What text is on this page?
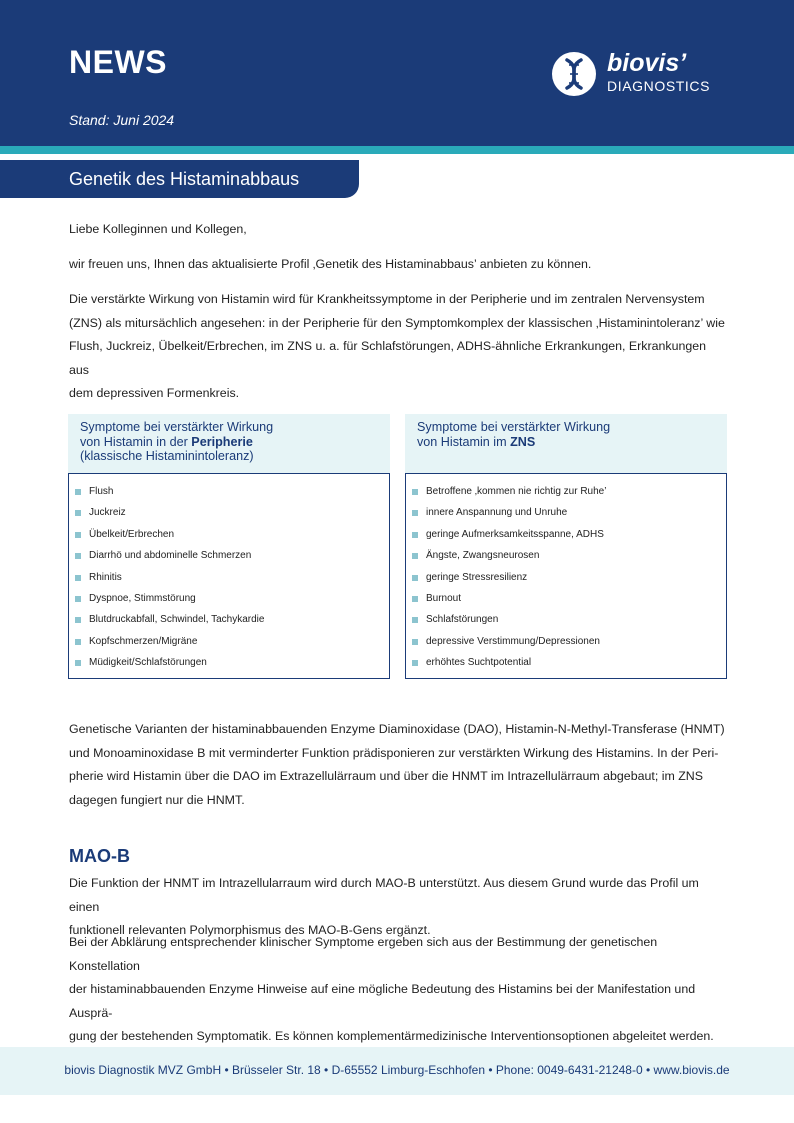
NEWS
Stand: Juni 2024
biovis’
DIAGNOSTICS
Genetik des Histaminabbaus
Liebe Kolleginnen und Kollegen,
wir freuen uns, Ihnen das aktualisierte Profil ‚Genetik des Histaminabbaus’ anbieten zu können.
Die verstärkte Wirkung von Histamin wird für Krankheitssymptome in der Peripherie und im zentralen Nervensystem
(ZNS) als mitursächlich angesehen: in der Peripherie für den Symptomkomplex der klassischen ‚Histaminintoleranz’ wie
Flush, Juckreiz, Übelkeit/Erbrechen, im ZNS u. a. für Schlafstörungen, ADHS-ähnliche Erkrankungen, Erkrankungen aus
dem depressiven Formenkreis.
Symptome bei verstärkter Wirkung
von Histamin in der Peripherie
(klassische Histaminintoleranz)
Flush
Juckreiz
Übelkeit/Erbrechen
Diarrhö und abdominelle Schmerzen
Rhinitis
Dyspnoe, Stimmstörung
Blutdruckabfall, Schwindel, Tachykardie
Kopfschmerzen/Migräne
Müdigkeit/Schlafstörungen
Symptome bei verstärkter Wirkung
von Histamin im ZNS
Betroffene ‚kommen nie richtig zur Ruhe’
innere Anspannung und Unruhe
geringe Aufmerksamkeitsspanne, ADHS
Ängste, Zwangsneurosen
geringe Stressresilienz
Burnout
Schlafstörungen
depressive Verstimmung/Depressionen
erhöhtes Suchtpotential
Genetische Varianten der histaminabbauenden Enzyme Diaminoxidase (DAO), Histamin-N-Methyl-Transferase (HNMT)
und Monoaminoxidase B mit verminderter Funktion prädisponieren zur verstärkten Wirkung des Histamins. In der Peri-
pherie wird Histamin über die DAO im Extrazellulärraum und über die HNMT im Intrazellulärraum abgebaut; im ZNS
dagegen fungiert nur die HNMT.
MAO-B
Die Funktion der HNMT im Intrazellularraum wird durch MAO-B unterstützt. Aus diesem Grund wurde das Profil um einen
funktionell relevanten Polymorphismus des MAO-B-Gens ergänzt.
Bei der Abklärung entsprechender klinischer Symptome ergeben sich aus der Bestimmung der genetischen Konstellation
der histaminabbauenden Enzyme Hinweise auf eine mögliche Bedeutung des Histamins bei der Manifestation und Ausprä-
gung der bestehenden Symptomatik. Es können komplementärmedizinische Interventionsoptionen abgeleitet werden.
biovis Diagnostik MVZ GmbH • Brüsseler Str. 18 • D-65552 Limburg-Eschhofen • Phone: 0049-6431-21248-0 • www.biovis.de
